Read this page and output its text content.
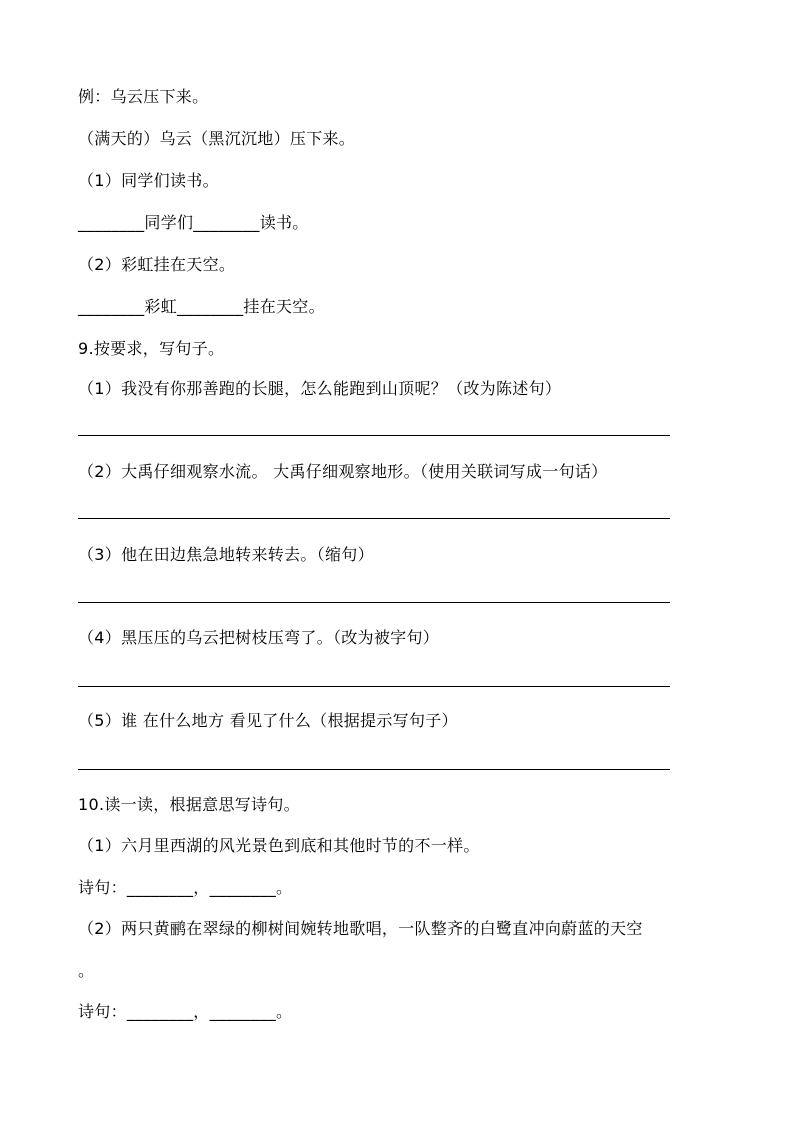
例：乌云压下来。
（满天的）乌云（黑沉沉地）压下来。
（1）同学们读书。
________同学们________读书。
（2）彩虹挂在天空。
________彩虹________挂在天空。
9.按要求，写句子。
（1）我没有你那善跑的长腿，怎么能跑到山顶呢？（改为陈述句）
（2）大禹仔细观察水流。 大禹仔细观察地形。（使用关联词写成一句话）
（3）他在田边焦急地转来转去。（缩句）
（4）黑压压的乌云把树枝压弯了。（改为被字句）
（5）谁 在什么地方 看见了什么（根据提示写句子）
10.读一读，根据意思写诗句。
（1）六月里西湖的风光景色到底和其他时节的不一样。
诗句：________，________。
（2）两只黄鹂在翠绿的柳树间婉转地歌唱，一队整齐的白鹭直冲向蔚蓝的天空
。
诗句：________，________。
